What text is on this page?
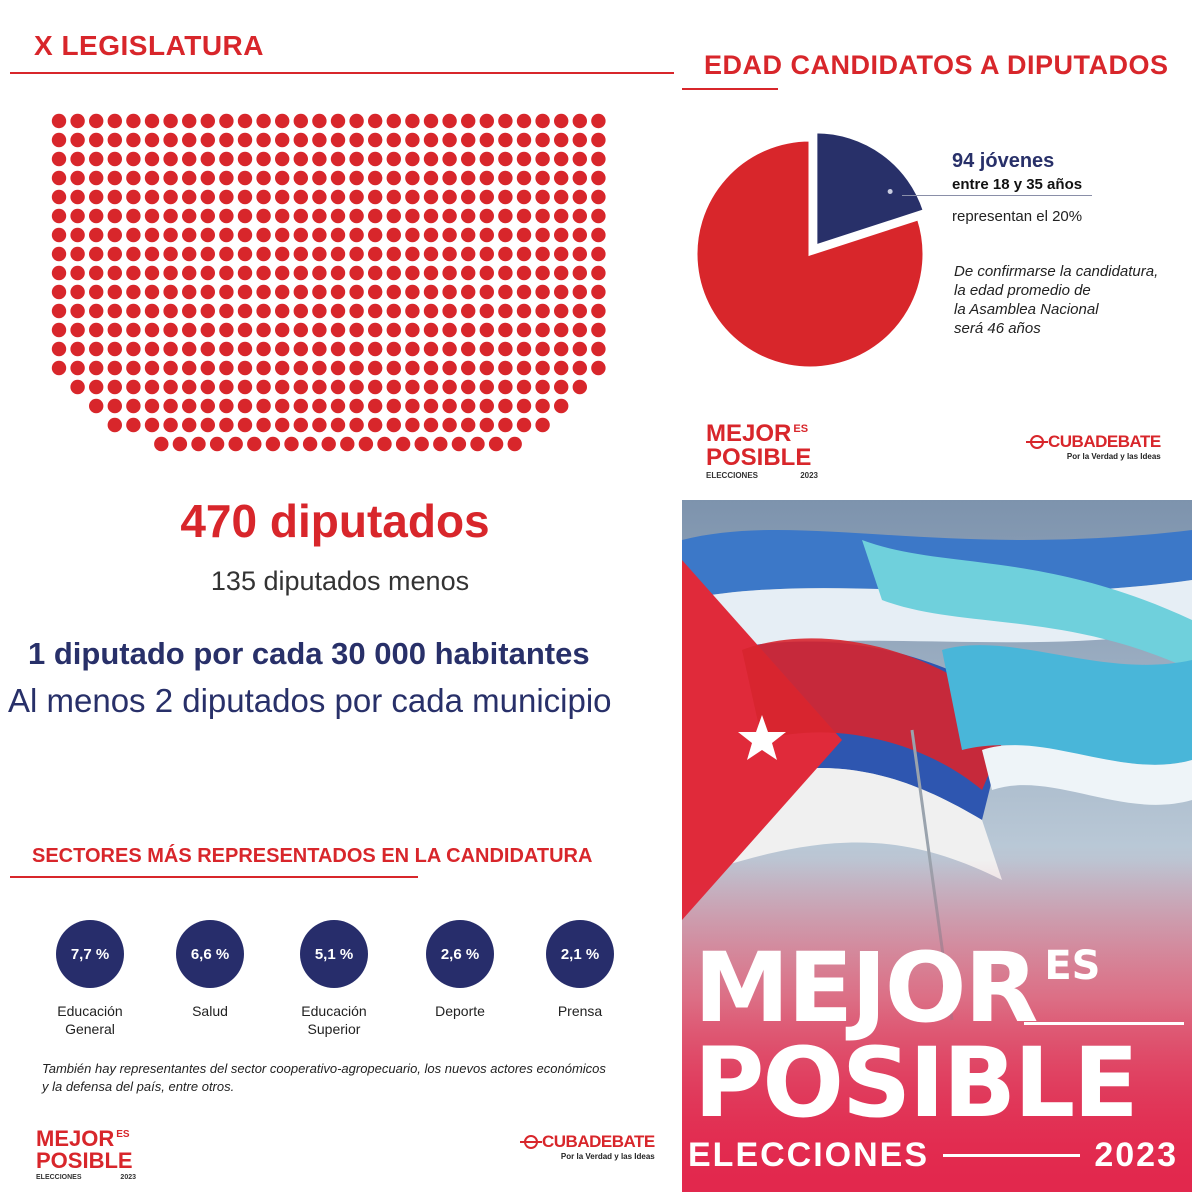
X LEGISLATURA
470 diputados
135 diputados menos
1 diputado por cada 30 000 habitantes
Al menos 2 diputados por cada municipio
EDAD CANDIDATOS A DIPUTADOS
94 jóvenes
entre 18 y 35 años
representan el 20%
De confirmarse la candidatura,
la edad promedio de
la Asamblea Nacional
será 46 años
MEJOR ES
POSIBLE
ELECCIONES	2023
CUBADEBATE
Por la Verdad y las Ideas
SECTORES MÁS REPRESENTADOS EN LA CANDIDATURA
7,7 %
Educación
General
6,6 %
Salud
5,1 %
Educación
Superior
2,6 %
Deporte
2,1 %
Prensa
También hay representantes del sector cooperativo-agropecuario, los nuevos actores económicos
y la defensa del país, entre otros.
MEJOR ES
POSIBLE
ELECCIONES	2023
CUBADEBATE
Por la Verdad y las Ideas
MEJOR ES
POSIBLE
ELECCIONES	2023
